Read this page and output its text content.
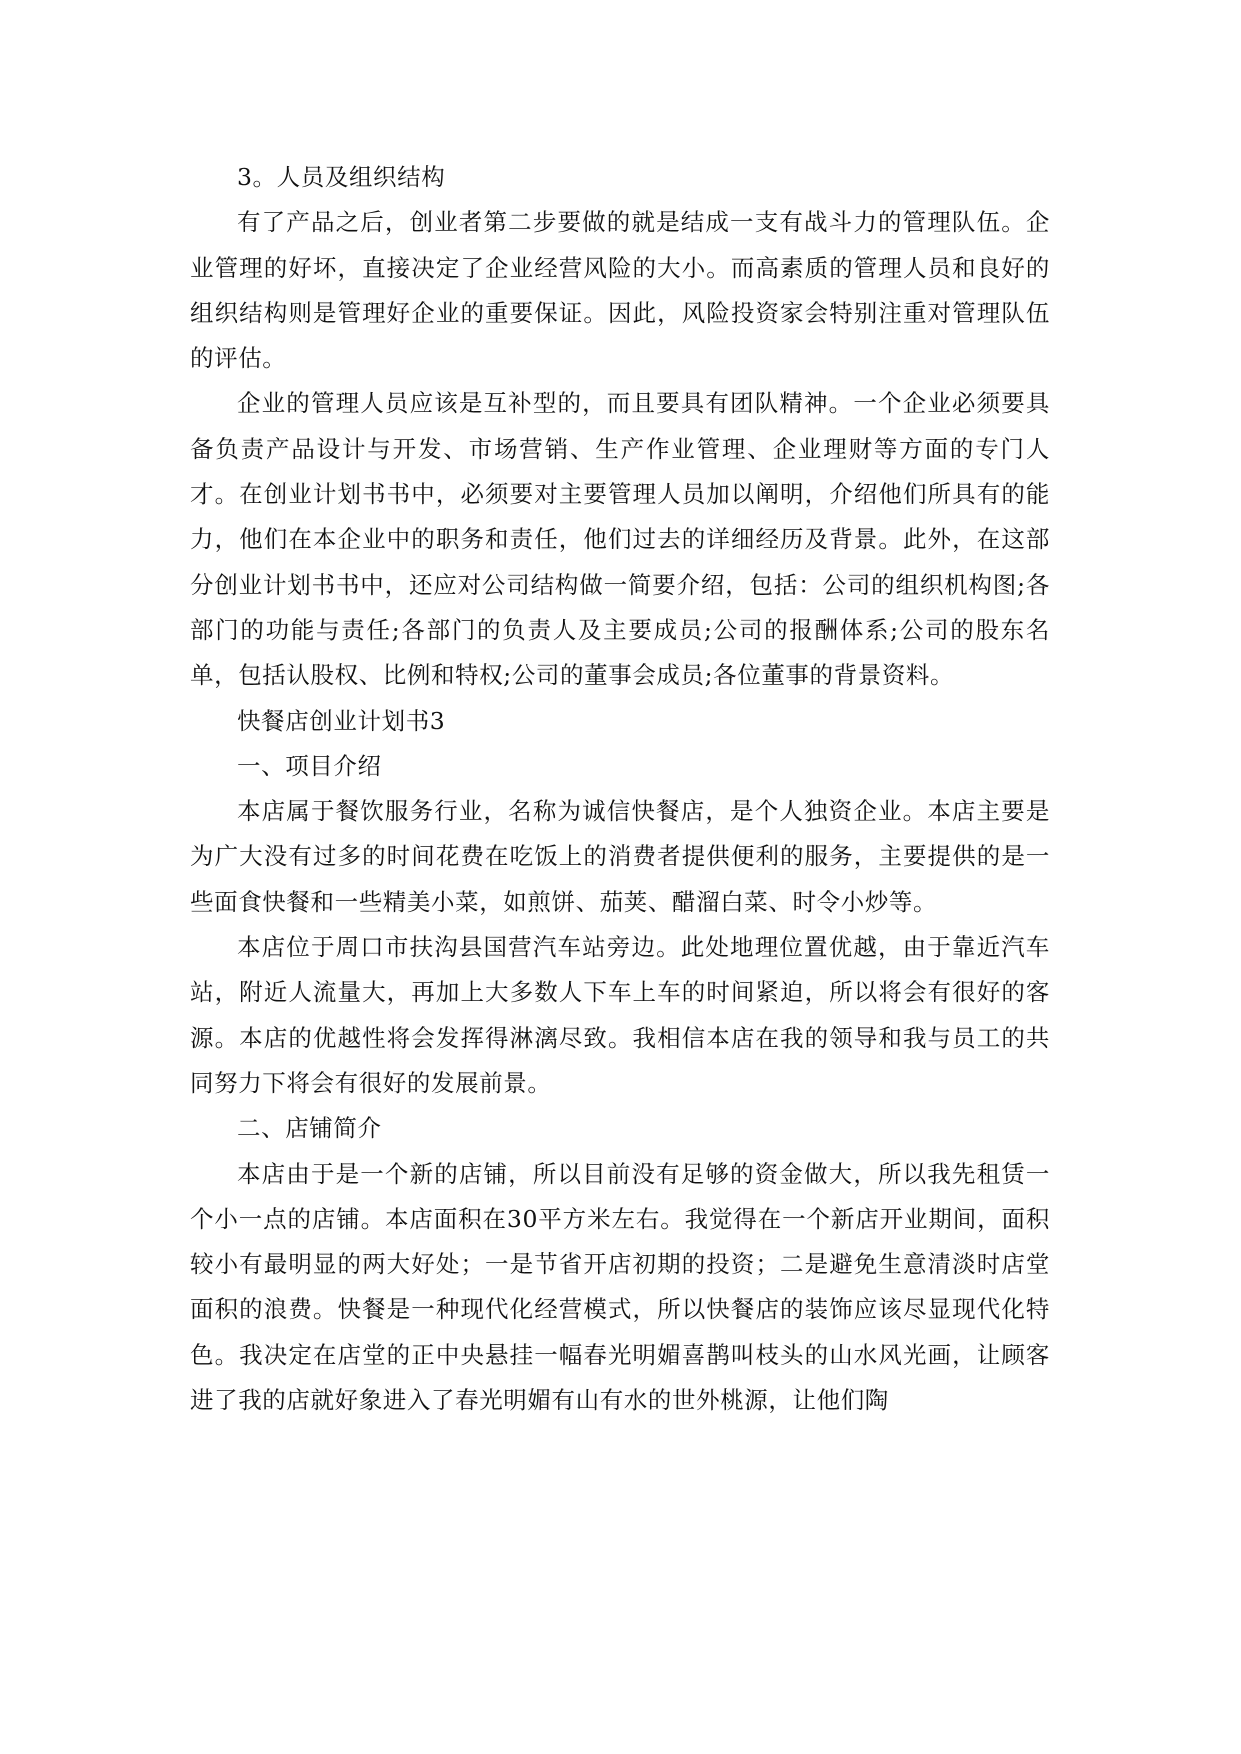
3。人员及组织结构

有了产品之后，创业者第二步要做的就是结成一支有战斗力的管理队伍。企业管理的好坏，直接决定了企业经营风险的大小。而高素质的管理人员和良好的组织结构则是管理好企业的重要保证。因此，风险投资家会特别注重对管理队伍的评估。

企业的管理人员应该是互补型的，而且要具有团队精神。一个企业必须要具备负责产品设计与开发、市场营销、生产作业管理、企业理财等方面的专门人才。在创业计划书书中，必须要对主要管理人员加以阐明，介绍他们所具有的能力，他们在本企业中的职务和责任，他们过去的详细经历及背景。此外，在这部分创业计划书书中，还应对公司结构做一简要介绍，包括：公司的组织机构图;各部门的功能与责任;各部门的负责人及主要成员;公司的报酬体系;公司的股东名单，包括认股权、比例和特权;公司的董事会成员;各位董事的背景资料。

快餐店创业计划书3

一、项目介绍

本店属于餐饮服务行业，名称为诚信快餐店，是个人独资企业。本店主要是为广大没有过多的时间花费在吃饭上的消费者提供便利的服务，主要提供的是一些面食快餐和一些精美小菜，如煎饼、茄荚、醋溜白菜、时令小炒等。

本店位于周口市扶沟县国营汽车站旁边。此处地理位置优越，由于靠近汽车站，附近人流量大，再加上大多数人下车上车的时间紧迫，所以将会有很好的客源。本店的优越性将会发挥得淋漓尽致。我相信本店在我的领导和我与员工的共同努力下将会有很好的发展前景。

二、店铺简介

本店由于是一个新的店铺，所以目前没有足够的资金做大，所以我先租赁一个小一点的店铺。本店面积在30平方米左右。我觉得在一个新店开业期间，面积较小有最明显的两大好处；一是节省开店初期的投资；二是避免生意清淡时店堂面积的浪费。快餐是一种现代化经营模式，所以快餐店的装饰应该尽显现代化特色。我决定在店堂的正中央悬挂一幅春光明媚喜鹊叫枝头的山水风光画，让顾客进了我的店就好象进入了春光明媚有山有水的世外桃源，让他们陶
